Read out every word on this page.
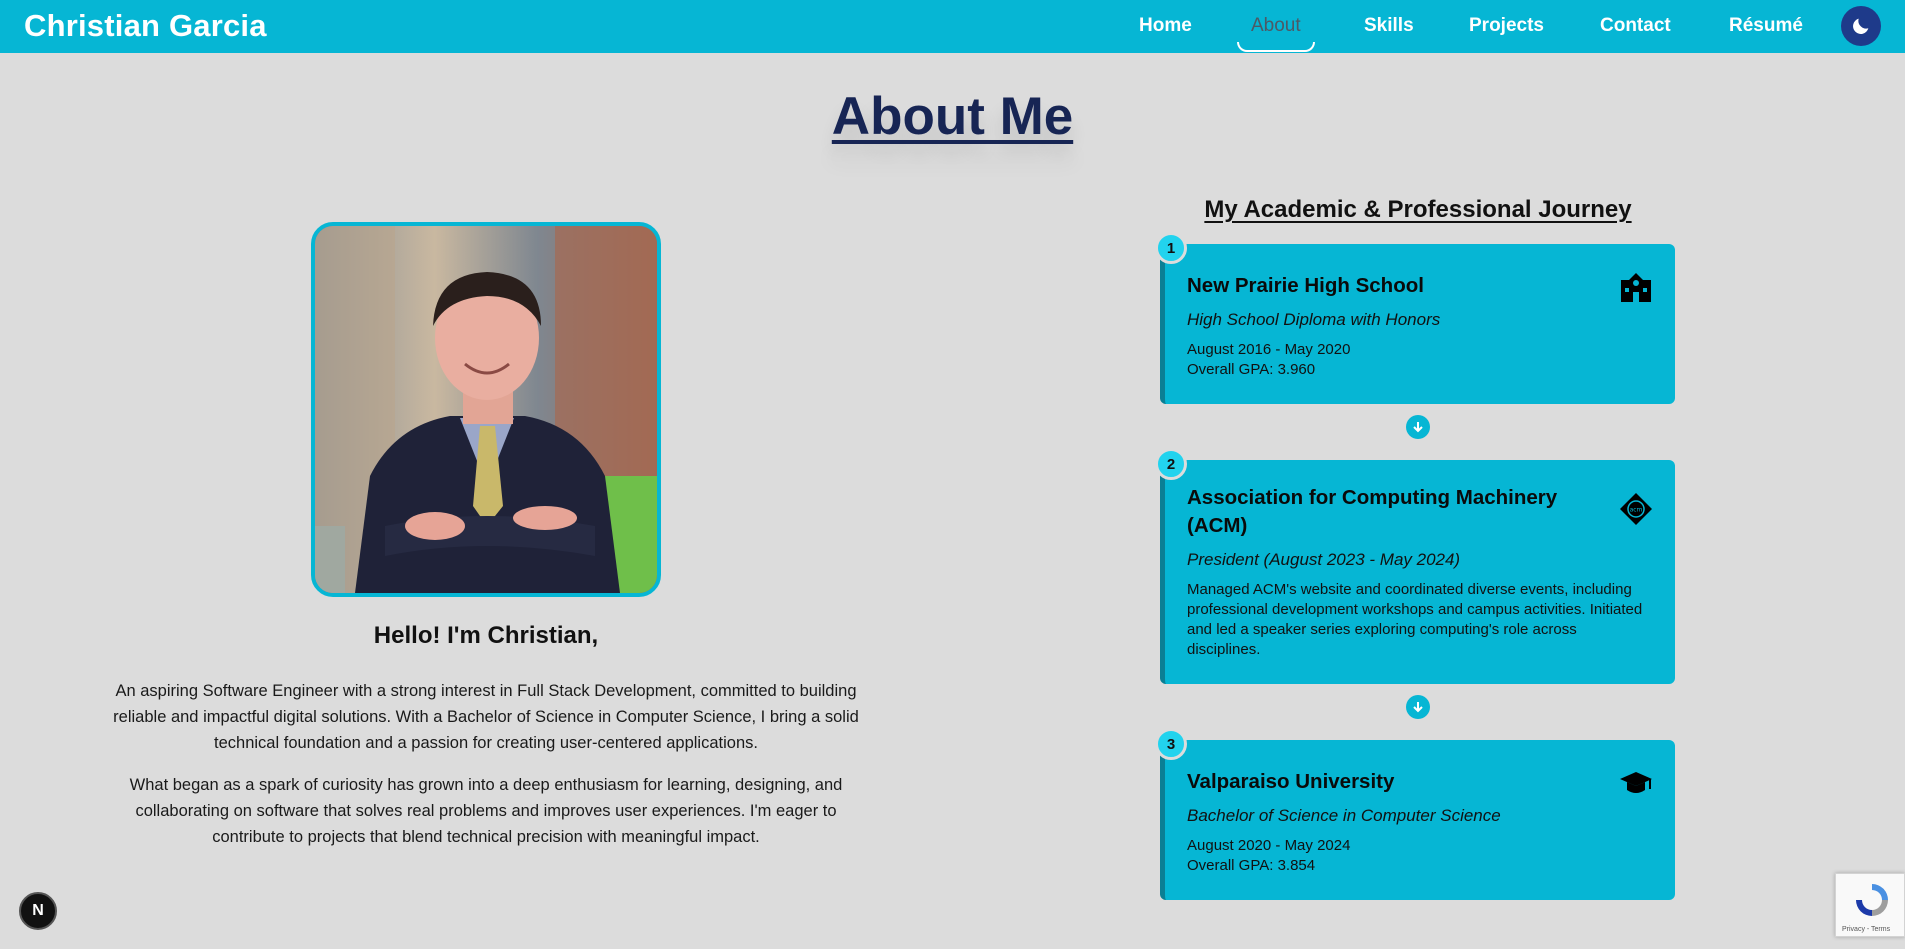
Christian Garcia	Home	About	Skills	Projects	Contact	Résumé
About Me
Hello! I'm Christian,

An aspiring Software Engineer with a strong interest in Full Stack Development, committed to building reliable and impactful digital solutions. With a Bachelor of Science in Computer Science, I bring a solid technical foundation and a passion for creating user-centered applications.

What began as a spark of curiosity has grown into a deep enthusiasm for learning, designing, and collaborating on software that solves real problems and improves user experiences. I'm eager to contribute to projects that blend technical precision with meaningful impact.

My Academic & Professional Journey
1
New Prairie High School
High School Diploma with Honors
August 2016 - May 2020
Overall GPA: 3.960
2
Association for Computing Machinery (ACM)
acm
President (August 2023 - May 2024)
Managed ACM's website and coordinated diverse events, including professional development workshops and campus activities. Initiated and led a speaker series exploring computing's role across disciplines.
3
Valparaiso University
Bachelor of Science in Computer Science
August 2020 - May 2024
Overall GPA: 3.854
N
Privacy - Terms
